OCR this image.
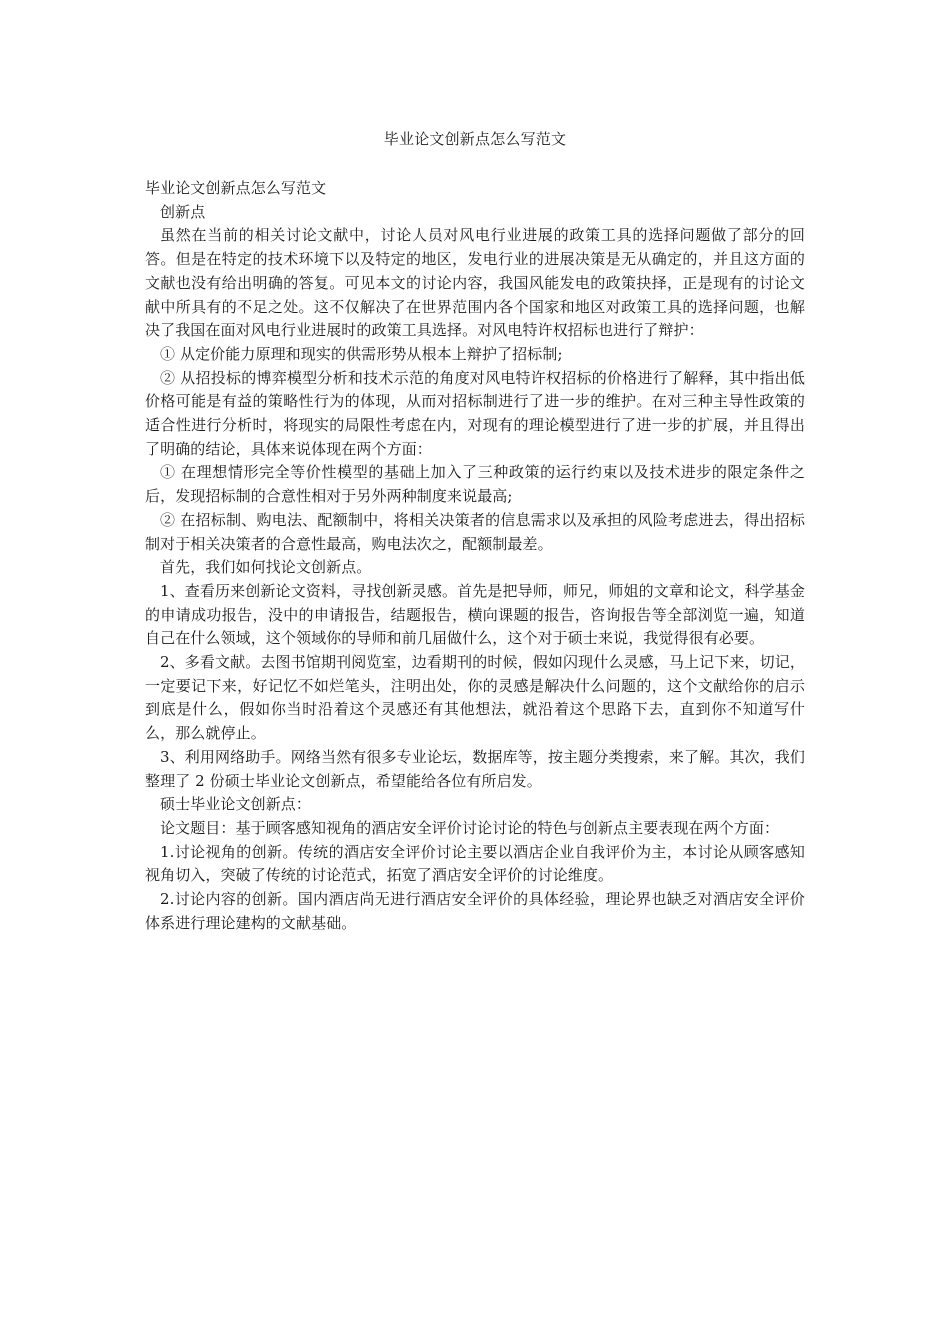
毕业论文创新点怎么写范文

毕业论文创新点怎么写范文

创新点

虽然在当前的相关讨论文献中，讨论人员对风电行业进展的政策工具的选择问题做了部分的回答。但是在特定的技术环境下以及特定的地区，发电行业的进展决策是无从确定的，并且这方面的文献也没有给出明确的答复。可见本文的讨论内容，我国风能发电的政策抉择，正是现有的讨论文献中所具有的不足之处。这不仅解决了在世界范围内各个国家和地区对政策工具的选择问题，也解决了我国在面对风电行业进展时的政策工具选择。对风电特许权招标也进行了辩护：

① 从定价能力原理和现实的供需形势从根本上辩护了招标制;

② 从招投标的博弈模型分析和技术示范的角度对风电特许权招标的价格进行了解释，其中指出低价格可能是有益的策略性行为的体现，从而对招标制进行了进一步的维护。在对三种主导性政策的适合性进行分析时，将现实的局限性考虑在内，对现有的理论模型进行了进一步的扩展，并且得出了明确的结论，具体来说体现在两个方面：

① 在理想情形完全等价性模型的基础上加入了三种政策的运行约束以及技术进步的限定条件之后，发现招标制的合意性相对于另外两种制度来说最高;

② 在招标制、购电法、配额制中，将相关决策者的信息需求以及承担的风险考虑进去，得出招标制对于相关决策者的合意性最高，购电法次之，配额制最差。

首先，我们如何找论文创新点。

1、查看历来创新论文资料，寻找创新灵感。首先是把导师，师兄，师姐的文章和论文，科学基金的申请成功报告，没中的申请报告，结题报告，横向课题的报告，咨询报告等全部浏览一遍，知道自己在什么领域，这个领域你的导师和前几届做什么，这个对于硕士来说，我觉得很有必要。

2、多看文献。去图书馆期刊阅览室，边看期刊的时候，假如闪现什么灵感，马上记下来，切记，一定要记下来，好记忆不如烂笔头，注明出处，你的灵感是解决什么问题的，这个文献给你的启示到底是什么，假如你当时沿着这个灵感还有其他想法，就沿着这个思路下去，直到你不知道写什么，那么就停止。

3、利用网络助手。网络当然有很多专业论坛，数据库等，按主题分类搜索，来了解。其次，我们整理了 2 份硕士毕业论文创新点，希望能给各位有所启发。

硕士毕业论文创新点：

论文题目：基于顾客感知视角的酒店安全评价讨论讨论的特色与创新点主要表现在两个方面：

1.讨论视角的创新。传统的酒店安全评价讨论主要以酒店企业自我评价为主，本讨论从顾客感知视角切入，突破了传统的讨论范式，拓宽了酒店安全评价的讨论维度。

2.讨论内容的创新。国内酒店尚无进行酒店安全评价的具体经验，理论界也缺乏对酒店安全评价体系进行理论建构的文献基础。
